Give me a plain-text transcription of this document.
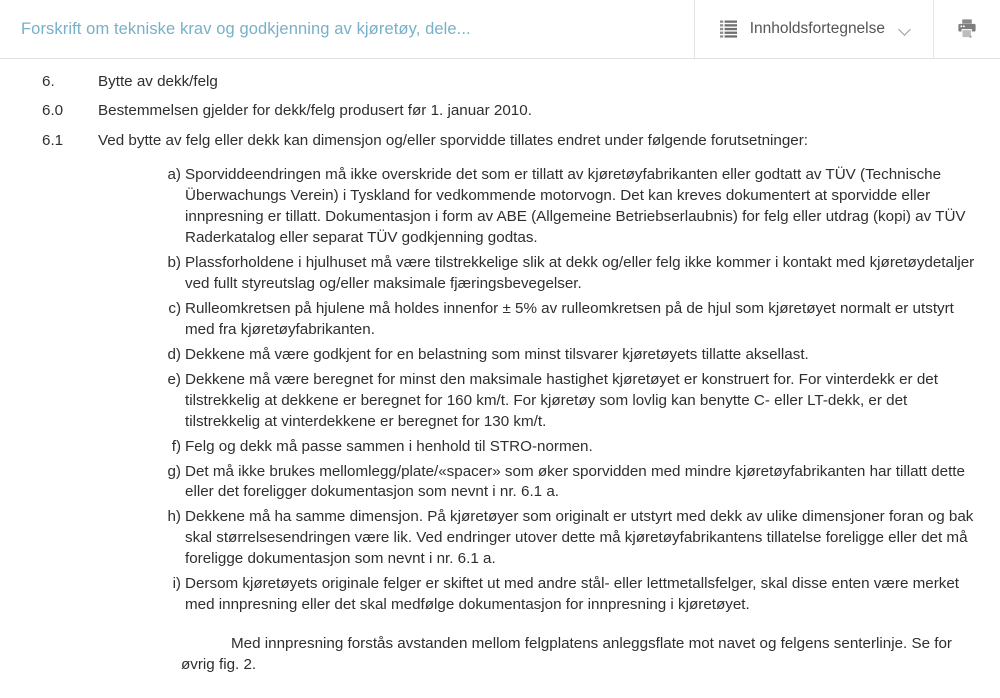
Forskrift om tekniske krav og godkjenning av kjøretøy, dele...	Innholdsfortegnelse
6.	Bytte av dekk/felg
6.0	Bestemmelsen gjelder for dekk/felg produsert før 1. januar 2010.
6.1	Ved bytte av felg eller dekk kan dimensjon og/eller sporvidde tillates endret under følgende forutsetninger:
a) Sporviddeendringen må ikke overskride det som er tillatt av kjøretøyfabrikanten eller godtatt av TÜV (Technische Überwachungs Verein) i Tyskland for vedkommende motorvogn. Det kan kreves dokumentert at sporvidde eller innpresning er tillatt. Dokumentasjon i form av ABE (Allgemeine Betriebserlaubnis) for felg eller utdrag (kopi) av TÜV Raderkatalog eller separat TÜV godkjenning godtas.
b) Plassforholdene i hjulhuset må være tilstrekkelige slik at dekk og/eller felg ikke kommer i kontakt med kjøretøydetaljer ved fullt styreutslag og/eller maksimale fjæringsbevegelser.
c) Rulleomkretsen på hjulene må holdes innenfor ± 5% av rulleomkretsen på de hjul som kjøretøyet normalt er utstyrt med fra kjøretøyfabrikanten.
d) Dekkene må være godkjent for en belastning som minst tilsvarer kjøretøyets tillatte aksellast.
e) Dekkene må være beregnet for minst den maksimale hastighet kjøretøyet er konstruert for. For vinterdekk er det tilstrekkelig at dekkene er beregnet for 160 km/t. For kjøretøy som lovlig kan benytte C- eller LT-dekk, er det tilstrekkelig at vinterdekkene er beregnet for 130 km/t.
f) Felg og dekk må passe sammen i henhold til STRO-normen.
g) Det må ikke brukes mellomlegg/plate/«spacer» som øker sporvidden med mindre kjøretøyfabrikanten har tillatt dette eller det foreligger dokumentasjon som nevnt i nr. 6.1 a.
h) Dekkene må ha samme dimensjon. På kjøretøyer som originalt er utstyrt med dekk av ulike dimensjoner foran og bak skal størrelsesendringen være lik. Ved endringer utover dette må kjøretøyfabrikantens tillatelse foreligge eller det må foreligge dokumentasjon som nevnt i nr. 6.1 a.
i) Dersom kjøretøyets originale felger er skiftet ut med andre stål- eller lettmetallsfelger, skal disse enten være merket med innpresning eller det skal medfølge dokumentasjon for innpresning i kjøretøyet.
Med innpresning forstås avstanden mellom felgplatens anleggsflate mot navet og felgens senterlinje. Se for øvrig fig. 2.
